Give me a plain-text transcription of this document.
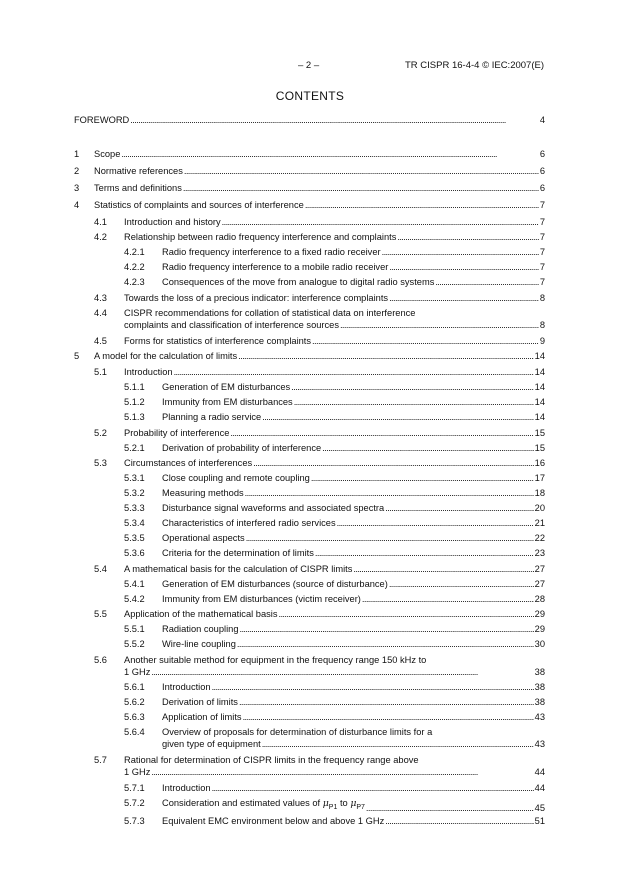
– 2 –	TR CISPR 16-4-4 © IEC:2007(E)
CONTENTS
FOREWORD . . .	4
1 Scope . . .	6
2 Normative references . . .	6
3 Terms and definitions . . .	6
4 Statistics of complaints and sources of interference . . .	7
4.1 Introduction and history . . .	7
4.2 Relationship between radio frequency interference and complaints . . .	7
4.2.1 Radio frequency interference to a fixed radio receiver . . .	7
4.2.2 Radio frequency interference to a mobile radio receiver . . .	7
4.2.3 Consequences of the move from analogue to digital radio systems . . .	7
4.3 Towards the loss of a precious indicator: interference complaints . . .	8
4.4 CISPR recommendations for collation of statistical data on interference
complaints and classification of interference sources . . .	8
4.5 Forms for statistics of interference complaints . . .	9
5 A model for the calculation of limits . . .	14
5.1 Introduction . . .	14
5.1.1 Generation of EM disturbances . . .	14
5.1.2 Immunity from EM disturbances . . .	14
5.1.3 Planning a radio service . . .	14
5.2 Probability of interference . . .	15
5.2.1 Derivation of probability of interference . . .	15
5.3 Circumstances of interferences . . .	16
5.3.1 Close coupling and remote coupling . . .	17
5.3.2 Measuring methods . . .	18
5.3.3 Disturbance signal waveforms and associated spectra . . .	20
5.3.4 Characteristics of interfered radio services . . .	21
5.3.5 Operational aspects . . .	22
5.3.6 Criteria for the determination of limits . . .	23
5.4 A mathematical basis for the calculation of CISPR limits . . .	27
5.4.1 Generation of EM disturbances (source of disturbance) . . .	27
5.4.2 Immunity from EM disturbances (victim receiver) . . .	28
5.5 Application of the mathematical basis . . .	29
5.5.1 Radiation coupling . . .	29
5.5.2 Wire-line coupling . . .	30
5.6 Another suitable method for equipment in the frequency range 150 kHz to
1 GHz . . .	38
5.6.1 Introduction . . .	38
5.6.2 Derivation of limits . . .	38
5.6.3 Application of limits . . .	43
5.6.4 Overview of proposals for determination of disturbance limits for a
given type of equipment . . .	43
5.7 Rational for determination of CISPR limits in the frequency range above
1 GHz . . .	44
5.7.1 Introduction . . .	44
5.7.2 Consideration and estimated values of $\mu_{P1}$ to $\mu_{P7}$ . . .	45
5.7.3 Equivalent EMC environment below and above 1 GHz . . .	51
